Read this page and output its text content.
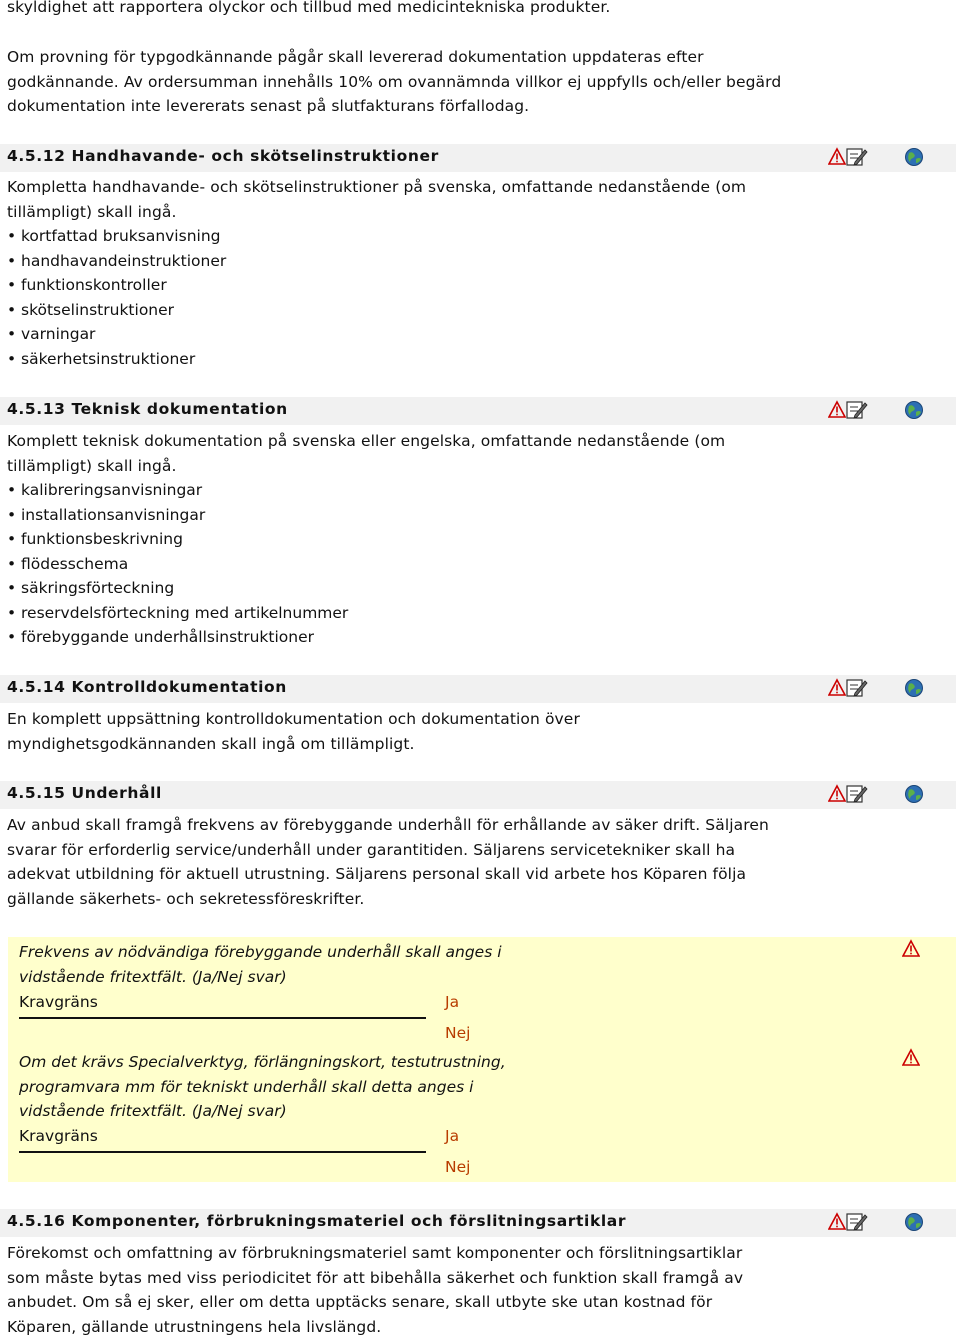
skyldighet att rapportera olyckor och tillbud med medicintekniska produkter.

Om provning för typgodkännande pågår skall levererad dokumentation uppdateras efter godkännande. Av ordersumman innehålls 10% om ovannämnda villkor ej uppfylls och/eller begärd dokumentation inte levererats senast på slutfakturans förfallodag.

4.5.12 Handhavande- och skötselinstruktioner

Kompletta handhavande- och skötselinstruktioner på svenska, omfattande nedanstående (om tillämpligt) skall ingå.

• kortfattad bruksanvisning
• handhavandeinstruktioner
• funktionskontroller
• skötselinstruktioner
• varningar
• säkerhetsinstruktioner
4.5.13 Teknisk dokumentation

Komplett teknisk dokumentation på svenska eller engelska, omfattande nedanstående (om tillämpligt) skall ingå.

• kalibreringsanvisningar
• installationsanvisningar
• funktionsbeskrivning
• flödesschema
• säkringsförteckning
• reservdelsförteckning med artikelnummer
• förebyggande underhållsinstruktioner
4.5.14 Kontrolldokumentation

En komplett uppsättning kontrolldokumentation och dokumentation över myndighetsgodkännanden skall ingå om tillämpligt.

4.5.15 Underhåll

Av anbud skall framgå frekvens av förebyggande underhåll för erhållande av säker drift. Säljaren svarar för erforderlig service/underhåll under garantitiden. Säljarens servicetekniker skall ha adekvat utbildning för aktuell utrustning. Säljarens personal skall vid arbete hos Köparen följa gällande säkerhets- och sekretessföreskrifter.

Frekvens av nödvändiga förebyggande underhåll skall anges i vidstående fritextfält. (Ja/Nej svar)
Kravgräns	Ja
Nej
Om det krävs Specialverktyg, förlängningskort, testutrustning, programvara mm för tekniskt underhåll skall detta anges i vidstående fritextfält. (Ja/Nej svar)
Kravgräns	Ja
Nej
4.5.16 Komponenter, förbrukningsmateriel och förslitningsartiklar

Förekomst och omfattning av förbrukningsmateriel samt komponenter och förslitningsartiklar som måste bytas med viss periodicitet för att bibehålla säkerhet och funktion skall framgå av anbudet. Om så ej sker, eller om detta upptäcks senare, skall utbyte ske utan kostnad för Köparen, gällande utrustningens hela livslängd.
